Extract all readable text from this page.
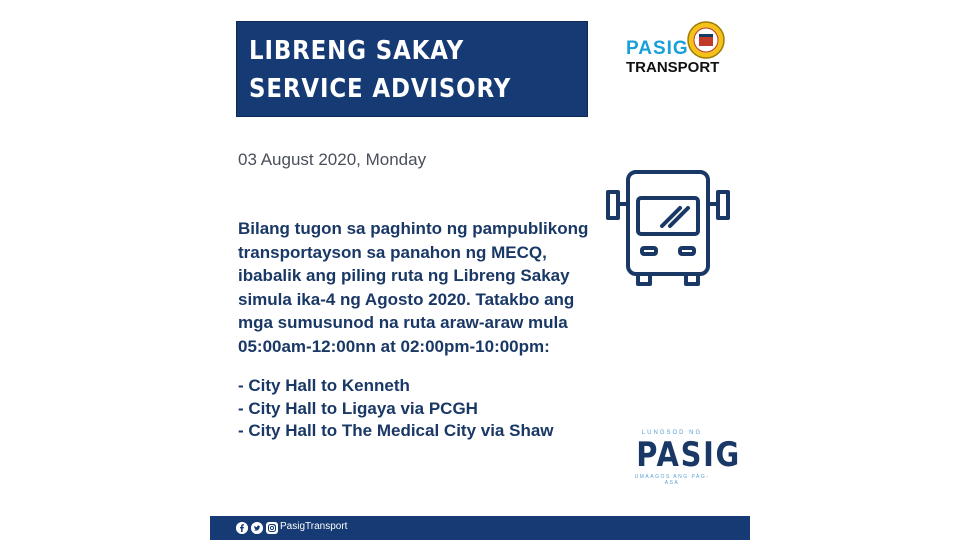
LIBRENG SAKAY
SERVICE ADVISORY
PASIG
TRANSPORT
03 August 2020, Monday

Bilang tugon sa paghinto ng pampublikong

transportayson sa panahon ng MECQ,

ibabalik ang piling ruta ng Libreng Sakay

simula ika-4 ng Agosto 2020. Tatakbo ang

mga sumusunod na ruta araw-araw mula

05:00am-12:00nn at 02:00pm-10:00pm:

- City Hall to Kenneth
- City Hall to Ligaya via PCGH
- City Hall to The Medical City via Shaw	LUNGSOD NG
PASIG
UMAAGOS ANG PAG-ASA
PasigTransport
